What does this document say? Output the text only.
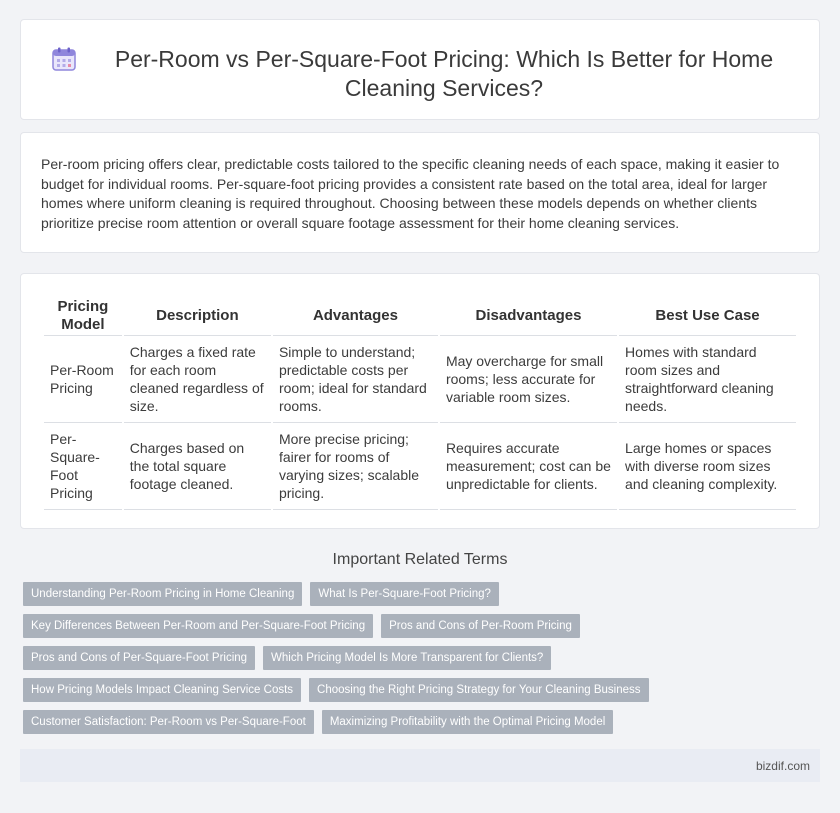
Per-Room vs Per-Square-Foot Pricing: Which Is Better for Home Cleaning Services?

Per-room pricing offers clear, predictable costs tailored to the specific cleaning needs of each space, making it easier to budget for individual rooms. Per-square-foot pricing provides a consistent rate based on the total area, ideal for larger homes where uniform cleaning is required throughout. Choosing between these models depends on whether clients prioritize precise room attention or overall square footage assessment for their home cleaning services.

Pricing Model	Description	Advantages	Disadvantages	Best Use Case
Per-Room Pricing	Charges a fixed rate for each room cleaned regardless of size.	Simple to understand; predictable costs per room; ideal for standard rooms.	May overcharge for small rooms; less accurate for variable room sizes.	Homes with standard room sizes and straightforward cleaning needs.
Per-Square-Foot Pricing	Charges based on the total square footage cleaned.	More precise pricing; fairer for rooms of varying sizes; scalable pricing.	Requires accurate measurement; cost can be unpredictable for clients.	Large homes or spaces with diverse room sizes and cleaning complexity.
Important Related Terms
Understanding Per-Room Pricing in Home Cleaning	What Is Per-Square-Foot Pricing?
Key Differences Between Per-Room and Per-Square-Foot Pricing	Pros and Cons of Per-Room Pricing
Pros and Cons of Per-Square-Foot Pricing	Which Pricing Model Is More Transparent for Clients?
How Pricing Models Impact Cleaning Service Costs	Choosing the Right Pricing Strategy for Your Cleaning Business
Customer Satisfaction: Per-Room vs Per-Square-Foot	Maximizing Profitability with the Optimal Pricing Model
bizdif.com
